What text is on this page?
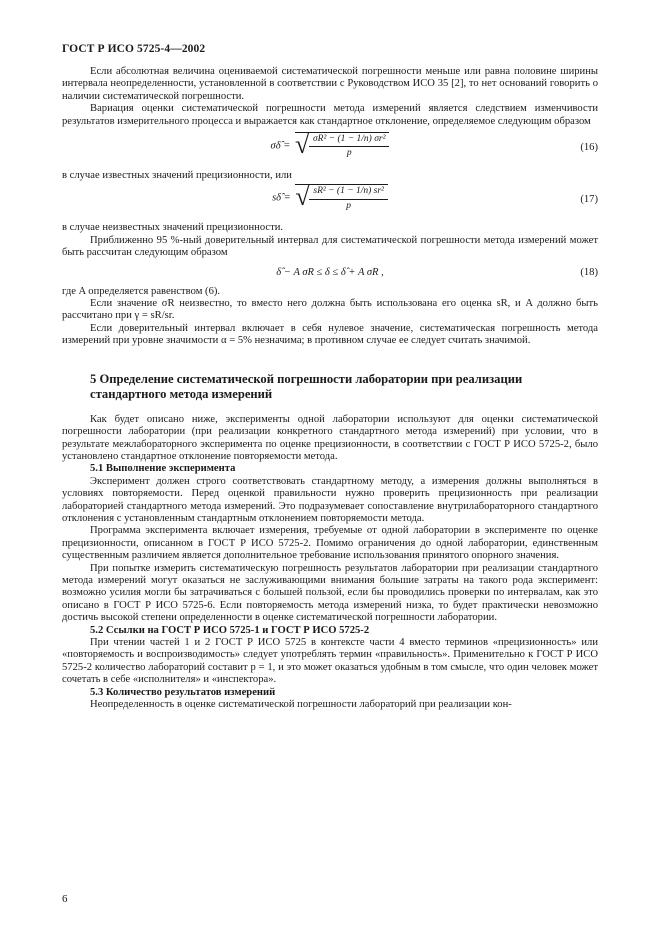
ГОСТ Р ИСО 5725-4—2002

Если абсолютная величина оцениваемой систематической погрешности меньше или равна половине ширины интервала неопределенности, установленной в соответствии с Руководством ИСО 35 [2], то нет оснований говорить о наличии систематической погрешности.

Вариация оценки систематической погрешности метода измерений является следствием изменчивости результатов измерительного процесса и выражается как стандартное отклонение, определяемое следующим образом

σδ̂ = √ $\frac{\text{σR² − (1 − 1/n) σr²}}{p}$	(16)

в случае известных значений прецизионности, или

sδ̂ = √ $\frac{\text{sR² − (1 − 1/n) sr²}}{p}$	(17)

в случае неизвестных значений прецизионности.

Приближенно 95 %-ный доверительный интервал для систематической погрешности метода измерений может быть рассчитан следующим образом

δ̂ − A σR ≤ δ ≤ δ̂ + A σR ,	(18)

где A определяется равенством (6).

Если значение σR неизвестно, то вместо него должна быть использована его оценка sR, и A должно быть рассчитано при γ = sR/sr.

Если доверительный интервал включает в себя нулевое значение, систематическая погрешность метода измерений при уровне значимости α = 5% незначима; в противном случае ее следует считать значимой.

5 Определение систематической погрешности лаборатории при реализации
стандартного метода измерений

Как будет описано ниже, эксперименты одной лаборатории используют для оценки систематической погрешности лаборатории (при реализации конкретного стандартного метода измерений) при условии, что в результате межлабораторного эксперимента по оценке прецизионности, в соответствии с ГОСТ Р ИСО 5725-2, было установлено стандартное отклонение повторяемости метода.

5.1 Выполнение эксперимента

Эксперимент должен строго соответствовать стандартному методу, а измерения должны выполняться в условиях повторяемости. Перед оценкой правильности нужно проверить прецизионность при реализации лабораторией стандартного метода измерений. Это подразумевает сопоставление внутрилабораторного стандартного отклонения с установленным стандартным отклонением повторяемости метода.

Программа эксперимента включает измерения, требуемые от одной лаборатории в эксперименте по оценке прецизионности, описанном в ГОСТ Р ИСО 5725-2. Помимо ограничения до одной лаборатории, единственным существенным различием является дополнительное требование использования принятого опорного значения.

При попытке измерить систематическую погрешность результатов лаборатории при реализации стандартного метода измерений могут оказаться не заслуживающими внимания большие затраты на такого рода эксперимент: возможно усилия могли бы затрачиваться с большей пользой, если бы проводились проверки по интервалам, как это описано в ГОСТ Р ИСО 5725-6. Если повторяемость метода измерений низка, то будет практически невозможно достичь высокой степени определенности в оценке систематической погрешности лаборатории.

5.2 Ссылки на ГОСТ Р ИСО 5725-1 и ГОСТ Р ИСО 5725-2

При чтении частей 1 и 2 ГОСТ Р ИСО 5725 в контексте части 4 вместо терминов «прецизионность» или «повторяемость и воспроизводимость» следует употреблять термин «правильность». Применительно к ГОСТ Р ИСО 5725-2 количество лабораторий составит p = 1, и это может оказаться удобным в том смысле, что один человек может сочетать в себе «исполнителя» и «инспектора».

5.3 Количество результатов измерений

Неопределенность в оценке систематической погрешности лабораторий при реализации кон-

6
